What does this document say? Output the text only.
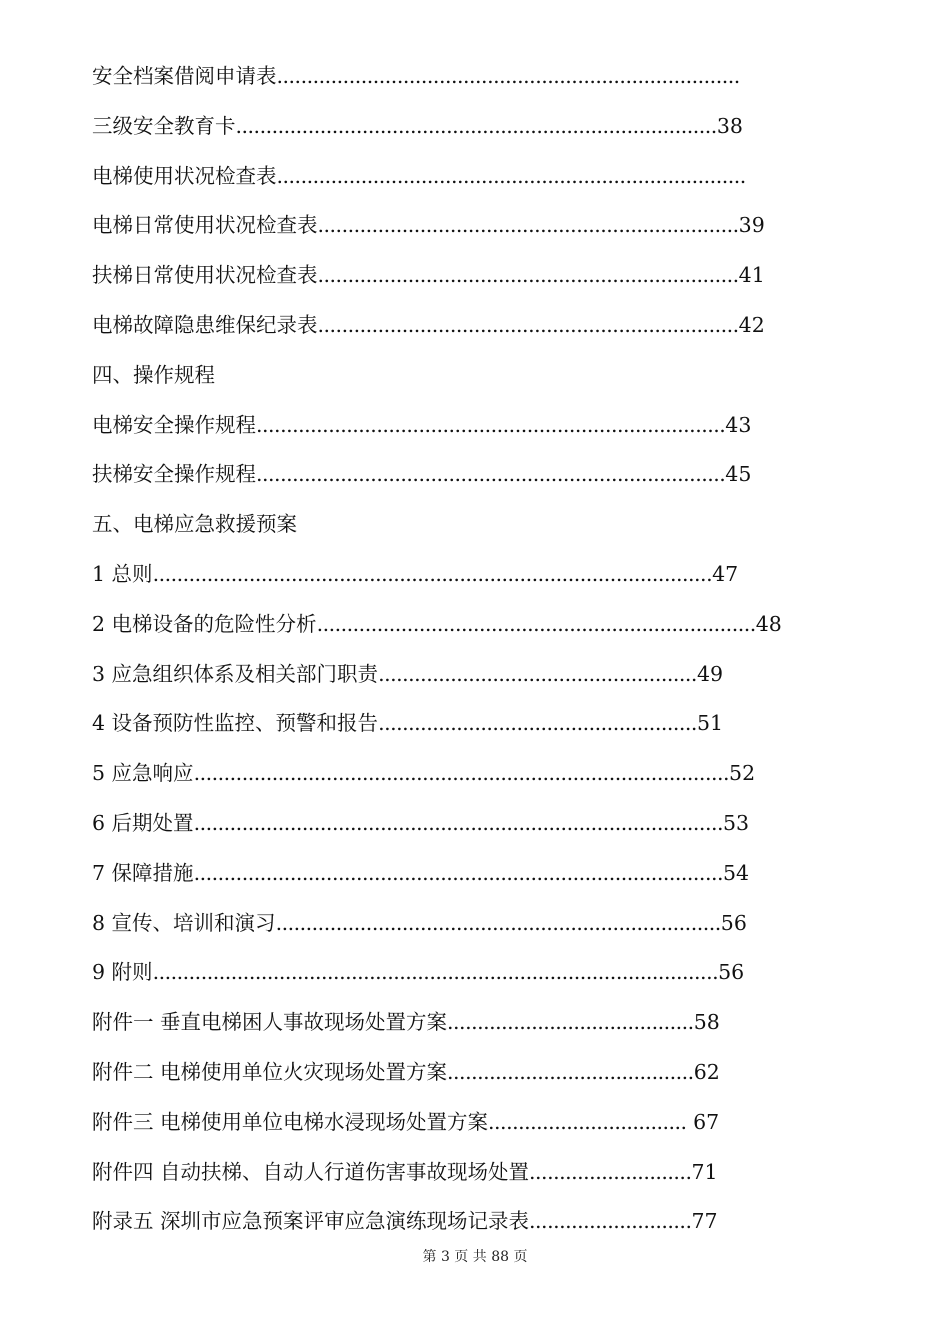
安全档案借阅申请表.............................................................................
三级安全教育卡................................................................................38
电梯使用状况检查表..............................................................................
电梯日常使用状况检查表......................................................................39
扶梯日常使用状况检查表......................................................................41
电梯故障隐患维保纪录表......................................................................42
四、操作规程
电梯安全操作规程..............................................................................43
扶梯安全操作规程..............................................................................45
五、电梯应急救援预案
1 总则.............................................................................................47
2 电梯设备的危险性分析.........................................................................48
3 应急组织体系及相关部门职责.....................................................49
4 设备预防性监控、预警和报告.....................................................51
5 应急响应.........................................................................................52
6 后期处置........................................................................................53
7 保障措施........................................................................................54
8 宣传、培训和演习..........................................................................56
9 附则..............................................................................................56
附件一 垂直电梯困人事故现场处置方案.........................................58
附件二 电梯使用单位火灾现场处置方案.........................................62
附件三 电梯使用单位电梯水浸现场处置方案................................. 67
附件四 自动扶梯、自动人行道伤害事故现场处置...........................71
附录五 深圳市应急预案评审应急演练现场记录表...........................77
第 3 页 共 88 页
